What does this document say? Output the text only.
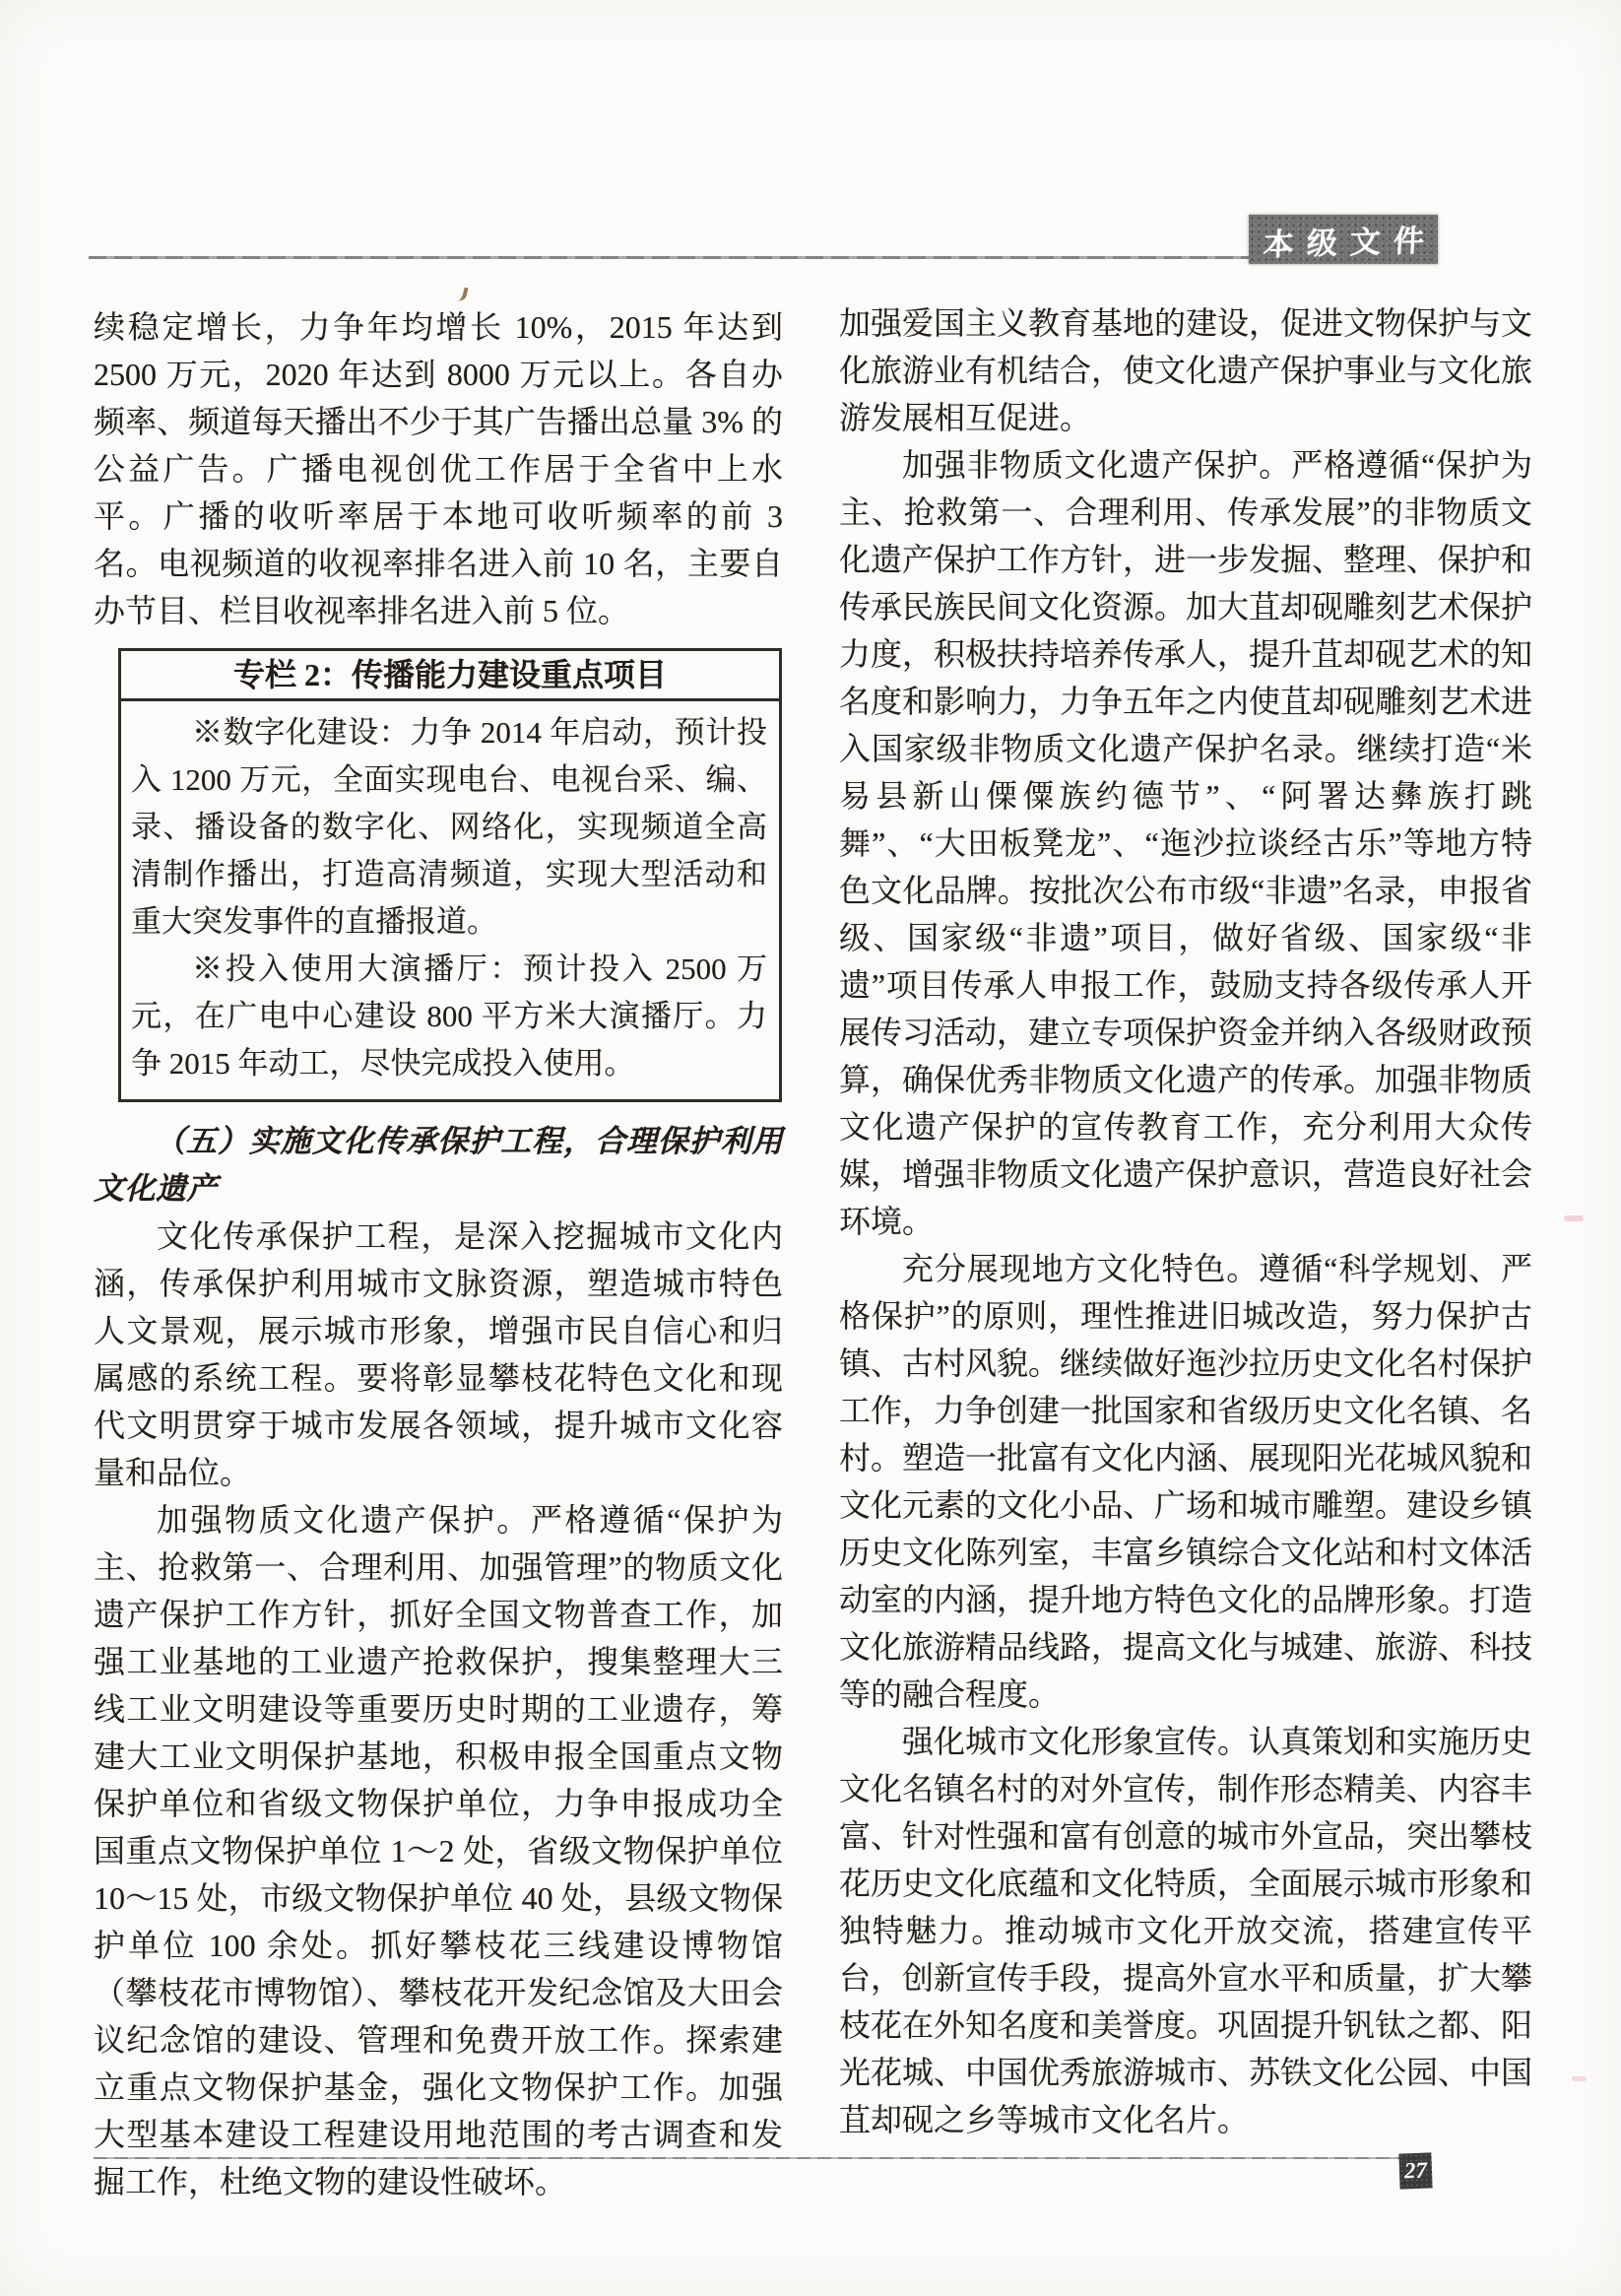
本级文件

续稳定增长，力争年均增长 10%，2015 年达到 2500 万元，2020 年达到 8000 万元以上。各自办频率、频道每天播出不少于其广告播出总量 3% 的公益广告。广播电视创优工作居于全省中上水平。广播的收听率居于本地可收听频率的前 3 名。电视频道的收视率排名进入前 10 名，主要自办节目、栏目收视率排名进入前 5 位。

专栏 2：传播能力建设重点项目

※数字化建设：力争 2014 年启动，预计投入 1200 万元，全面实现电台、电视台采、编、录、播设备的数字化、网络化，实现频道全高清制作播出，打造高清频道，实现大型活动和重大突发事件的直播报道。

※投入使用大演播厅：预计投入 2500 万元，在广电中心建设 800 平方米大演播厅。力争 2015 年动工，尽快完成投入使用。

（五）实施文化传承保护工程，合理保护利用文化遗产

文化传承保护工程，是深入挖掘城市文化内涵，传承保护利用城市文脉资源，塑造城市特色人文景观，展示城市形象，增强市民自信心和归属感的系统工程。要将彰显攀枝花特色文化和现代文明贯穿于城市发展各领域，提升城市文化容量和品位。

加强物质文化遗产保护。严格遵循“保护为主、抢救第一、合理利用、加强管理”的物质文化遗产保护工作方针，抓好全国文物普查工作，加强工业基地的工业遗产抢救保护，搜集整理大三线工业文明建设等重要历史时期的工业遗存，筹建大工业文明保护基地，积极申报全国重点文物保护单位和省级文物保护单位，力争申报成功全国重点文物保护单位 1～2 处，省级文物保护单位 10～15 处，市级文物保护单位 40 处，县级文物保护单位 100 余处。抓好攀枝花三线建设博物馆（攀枝花市博物馆）、攀枝花开发纪念馆及大田会议纪念馆的建设、管理和免费开放工作。探索建立重点文物保护基金，强化文物保护工作。加强大型基本建设工程建设用地范围的考古调查和发掘工作，杜绝文物的建设性破坏。

加强爱国主义教育基地的建设，促进文物保护与文化旅游业有机结合，使文化遗产保护事业与文化旅游发展相互促进。

加强非物质文化遗产保护。严格遵循“保护为主、抢救第一、合理利用、传承发展”的非物质文化遗产保护工作方针，进一步发掘、整理、保护和传承民族民间文化资源。加大苴却砚雕刻艺术保护力度，积极扶持培养传承人，提升苴却砚艺术的知名度和影响力，力争五年之内使苴却砚雕刻艺术进入国家级非物质文化遗产保护名录。继续打造“米易县新山傈僳族约德节”、“阿署达彝族打跳舞”、“大田板凳龙”、“迤沙拉谈经古乐”等地方特色文化品牌。按批次公布市级“非遗”名录，申报省级、国家级“非遗”项目，做好省级、国家级“非遗”项目传承人申报工作，鼓励支持各级传承人开展传习活动，建立专项保护资金并纳入各级财政预算，确保优秀非物质文化遗产的传承。加强非物质文化遗产保护的宣传教育工作，充分利用大众传媒，增强非物质文化遗产保护意识，营造良好社会环境。

充分展现地方文化特色。遵循“科学规划、严格保护”的原则，理性推进旧城改造，努力保护古镇、古村风貌。继续做好迤沙拉历史文化名村保护工作，力争创建一批国家和省级历史文化名镇、名村。塑造一批富有文化内涵、展现阳光花城风貌和文化元素的文化小品、广场和城市雕塑。建设乡镇历史文化陈列室，丰富乡镇综合文化站和村文体活动室的内涵，提升地方特色文化的品牌形象。打造文化旅游精品线路，提高文化与城建、旅游、科技等的融合程度。

强化城市文化形象宣传。认真策划和实施历史文化名镇名村的对外宣传，制作形态精美、内容丰富、针对性强和富有创意的城市外宣品，突出攀枝花历史文化底蕴和文化特质，全面展示城市形象和独特魅力。推动城市文化开放交流，搭建宣传平台，创新宣传手段，提高外宣水平和质量，扩大攀枝花在外知名度和美誉度。巩固提升钒钛之都、阳光花城、中国优秀旅游城市、苏铁文化公园、中国苴却砚之乡等城市文化名片。

27
